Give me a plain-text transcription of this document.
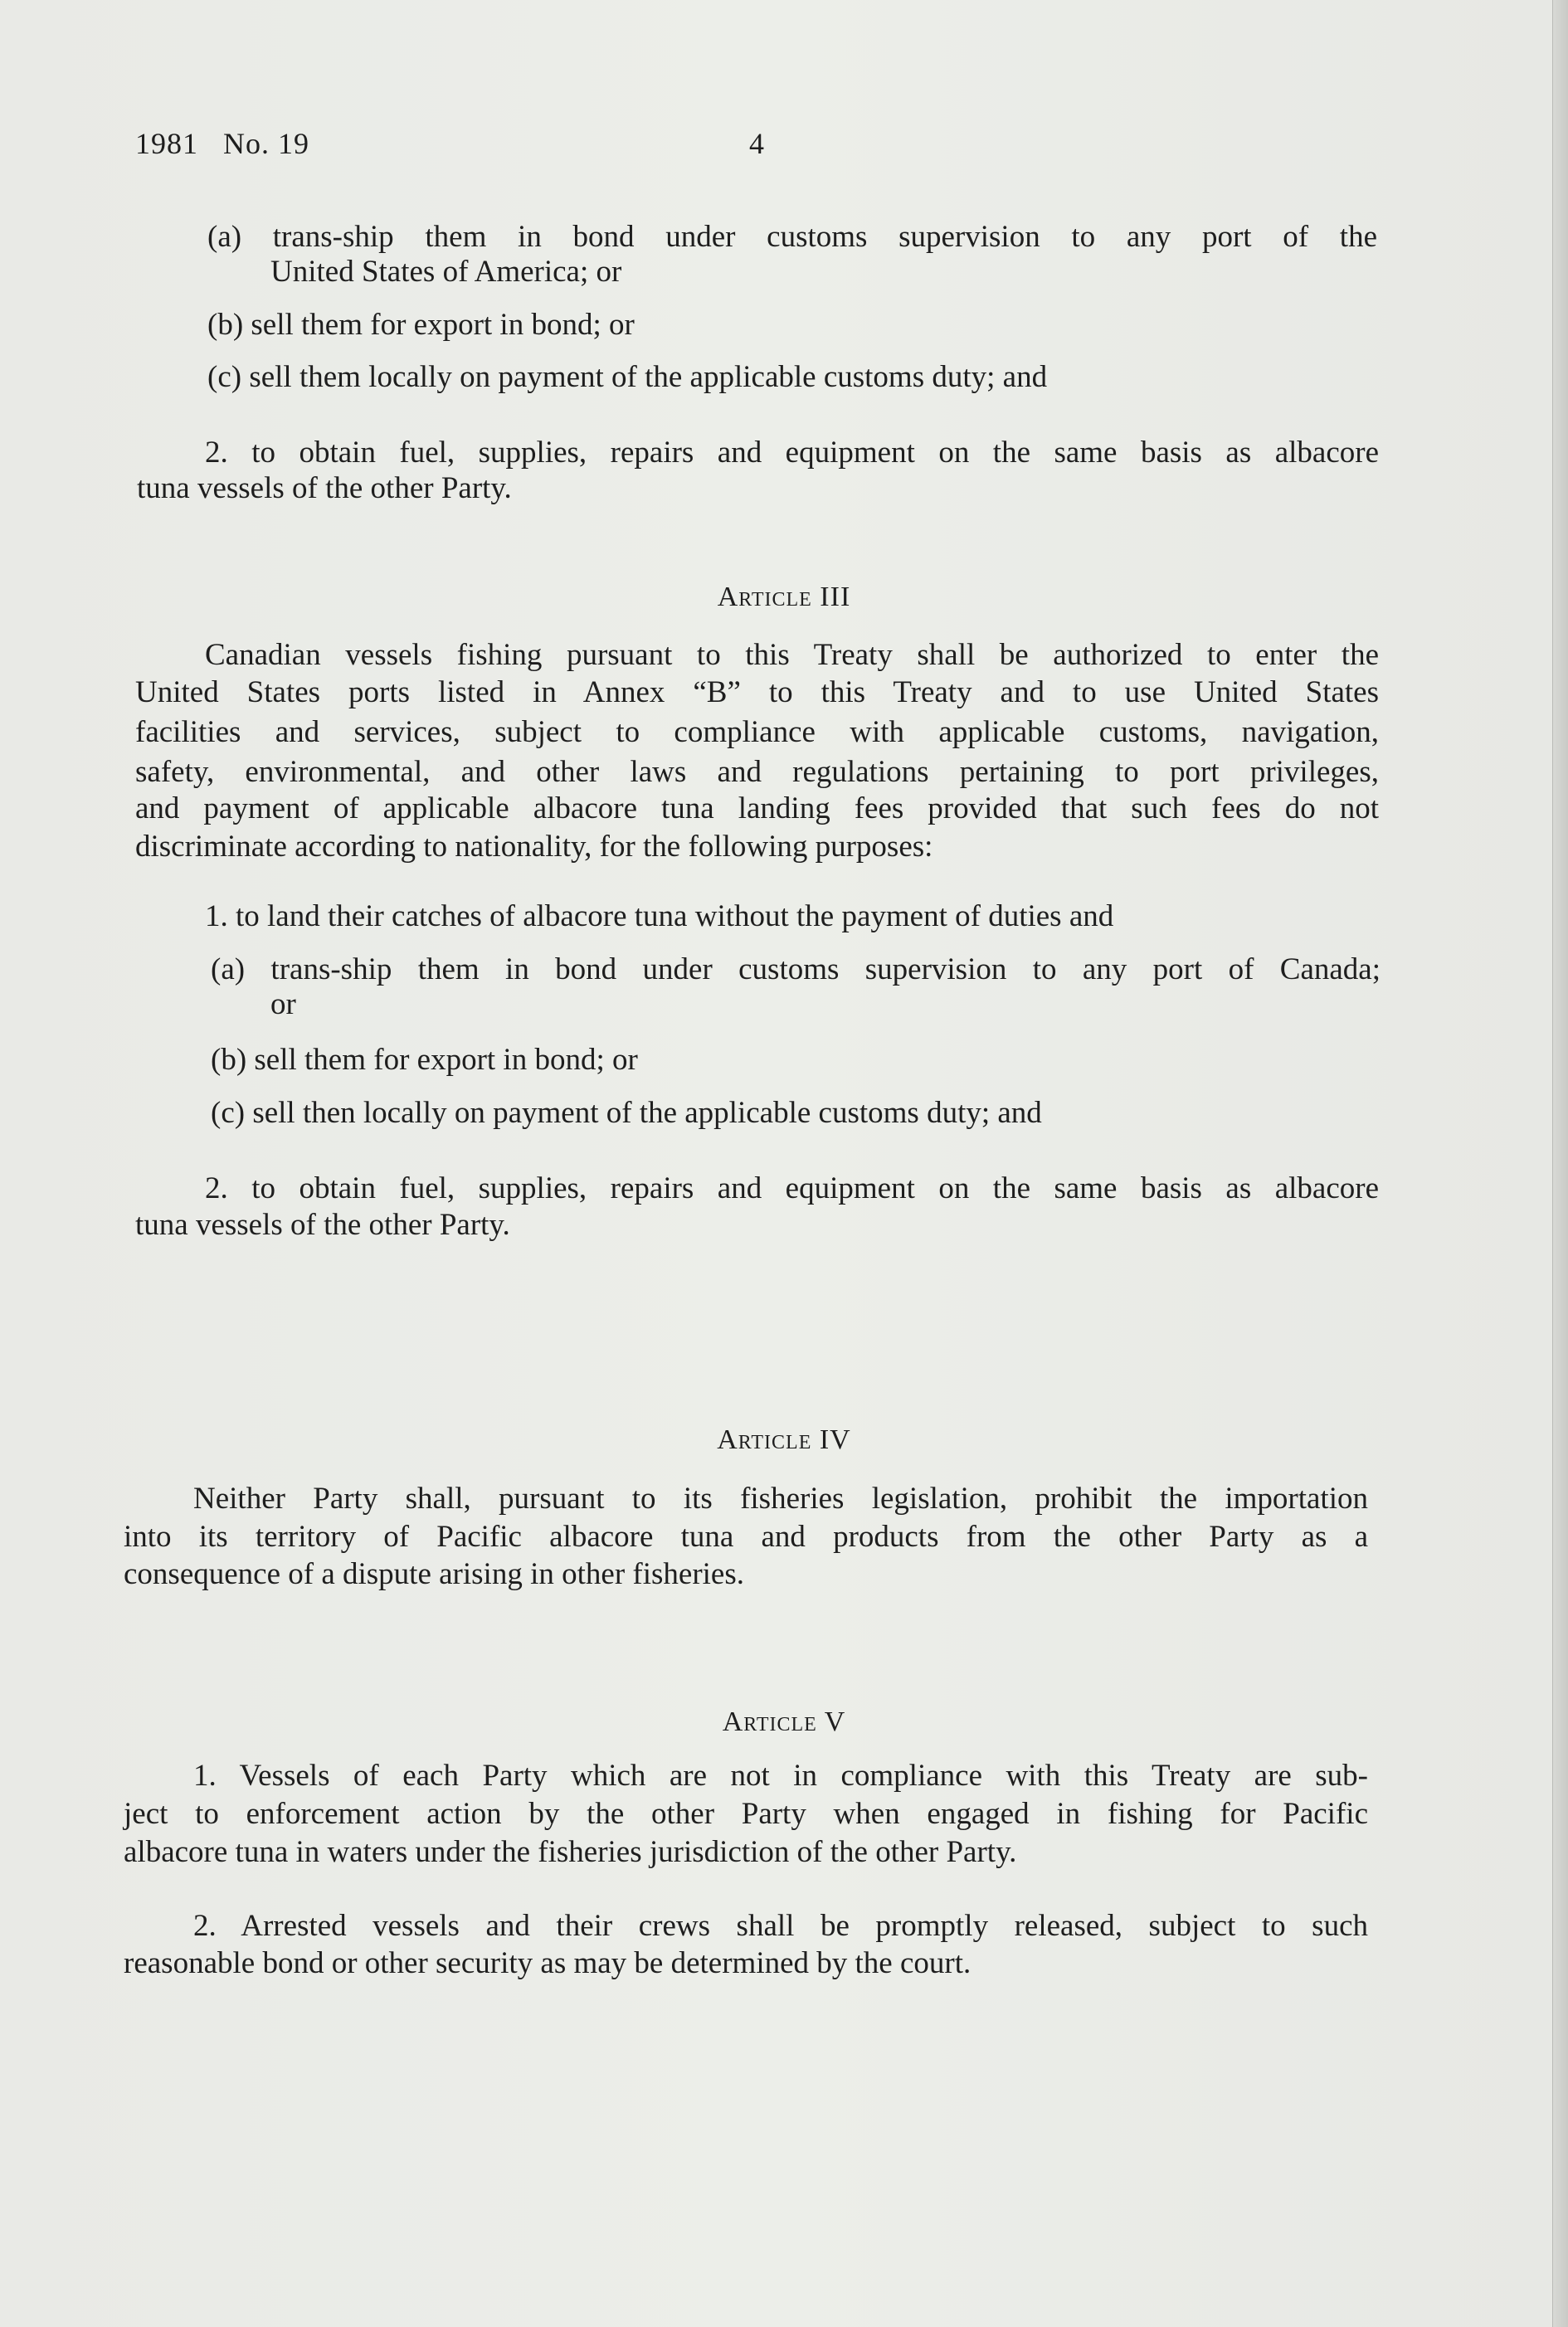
1981   No. 19	4
(a) trans-ship them in bond under customs supervision to any port of the
United States of America; or
(b) sell them for export in bond; or
(c) sell them locally on payment of the applicable customs duty; and
2. to obtain fuel, supplies, repairs and equipment on the same basis as albacore
tuna vessels of the other Party.
Article III
Canadian vessels fishing pursuant to this Treaty shall be authorized to enter the
United States ports listed in Annex “B” to this Treaty and to use United States
facilities and services, subject to compliance with applicable customs, navigation,
safety, environmental, and other laws and regulations pertaining to port privileges,
and payment of applicable albacore tuna landing fees provided that such fees do not
discriminate according to nationality, for the following purposes:
1. to land their catches of albacore tuna without the payment of duties and
(a) trans-ship them in bond under customs supervision to any port of Canada;
or
(b) sell them for export in bond; or
(c) sell then locally on payment of the applicable customs duty; and
2. to obtain fuel, supplies, repairs and equipment on the same basis as albacore
tuna vessels of the other Party.
Article IV
Neither Party shall, pursuant to its fisheries legislation, prohibit the importation
into its territory of Pacific albacore tuna and products from the other Party as a
consequence of a dispute arising in other fisheries.
Article V
1. Vessels of each Party which are not in compliance with this Treaty are sub-
ject to enforcement action by the other Party when engaged in fishing for Pacific
albacore tuna in waters under the fisheries jurisdiction of the other Party.
2. Arrested vessels and their crews shall be promptly released, subject to such
reasonable bond or other security as may be determined by the court.
